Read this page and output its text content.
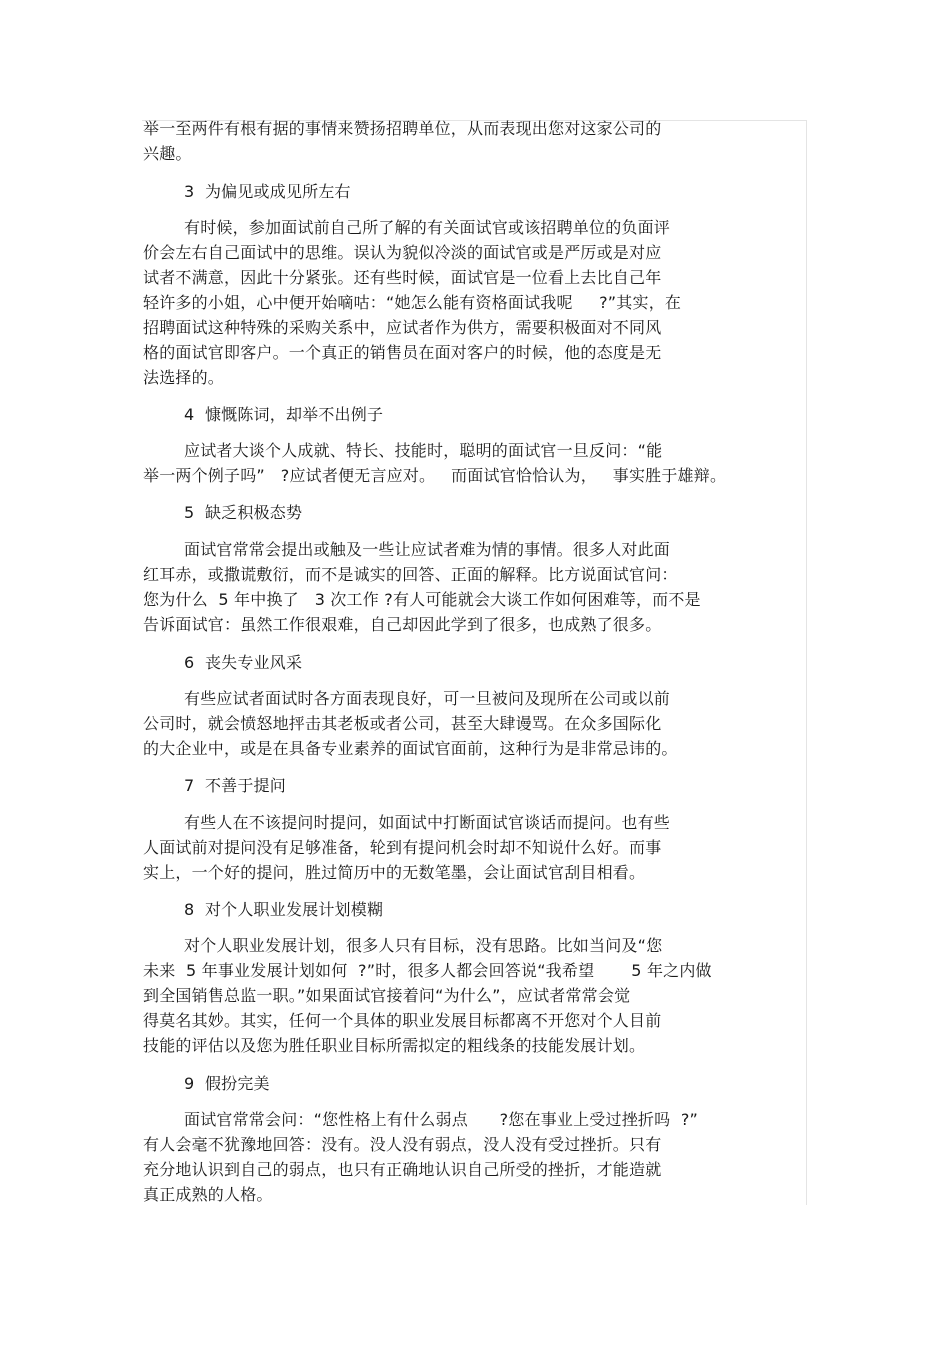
举一至两件有根有据的事情来赞扬招聘单位，从而表现出您对这家公司的
兴趣。
3  为偏见或成见所左右
有时候，参加面试前自己所了解的有关面试官或该招聘单位的负面评
价会左右自己面试中的思维。误认为貌似冷淡的面试官或是严厉或是对应
试者不满意，因此十分紧张。还有些时候，面试官是一位看上去比自己年
轻许多的小姐，心中便开始嘀咕：“她怎么能有资格面试我呢     ?”其实，在
招聘面试这种特殊的采购关系中，应试者作为供方，需要积极面对不同风
格的面试官即客户。一个真正的销售员在面对客户的时候，他的态度是无
法选择的。
4  慷慨陈词，却举不出例子
应试者大谈个人成就、特长、技能时，聪明的面试官一旦反问：“能
举一两个例子吗”   ?应试者便无言应对。   而面试官恰恰认为，   事实胜于雄辩。
5  缺乏积极态势
面试官常常会提出或触及一些让应试者难为情的事情。很多人对此面
红耳赤，或撒谎敷衍，而不是诚实的回答、正面的解释。比方说面试官问：
您为什么  5 年中换了   3 次工作 ?有人可能就会大谈工作如何困难等，而不是
告诉面试官：虽然工作很艰难，自己却因此学到了很多，也成熟了很多。
6  丧失专业风采
有些应试者面试时各方面表现良好，可一旦被问及现所在公司或以前
公司时，就会愤怒地抨击其老板或者公司，甚至大肆谩骂。在众多国际化
的大企业中，或是在具备专业素养的面试官面前，这种行为是非常忌讳的。
7  不善于提问
有些人在不该提问时提问，如面试中打断面试官谈话而提问。也有些
人面试前对提问没有足够准备，轮到有提问机会时却不知说什么好。而事
实上，一个好的提问，胜过简历中的无数笔墨，会让面试官刮目相看。
8  对个人职业发展计划模糊
对个人职业发展计划，很多人只有目标，没有思路。比如当问及“您
未来  5 年事业发展计划如何  ?”时，很多人都会回答说“我希望       5 年之内做
到全国销售总监一职。”如果面试官接着问“为什么”，应试者常常会觉
得莫名其妙。其实，任何一个具体的职业发展目标都离不开您对个人目前
技能的评估以及您为胜任职业目标所需拟定的粗线条的技能发展计划。
9  假扮完美
面试官常常会问：“您性格上有什么弱点      ?您在事业上受过挫折吗  ?”
有人会毫不犹豫地回答：没有。没人没有弱点，没人没有受过挫折。只有
充分地认识到自己的弱点，也只有正确地认识自己所受的挫折，才能造就
真正成熟的人格。
